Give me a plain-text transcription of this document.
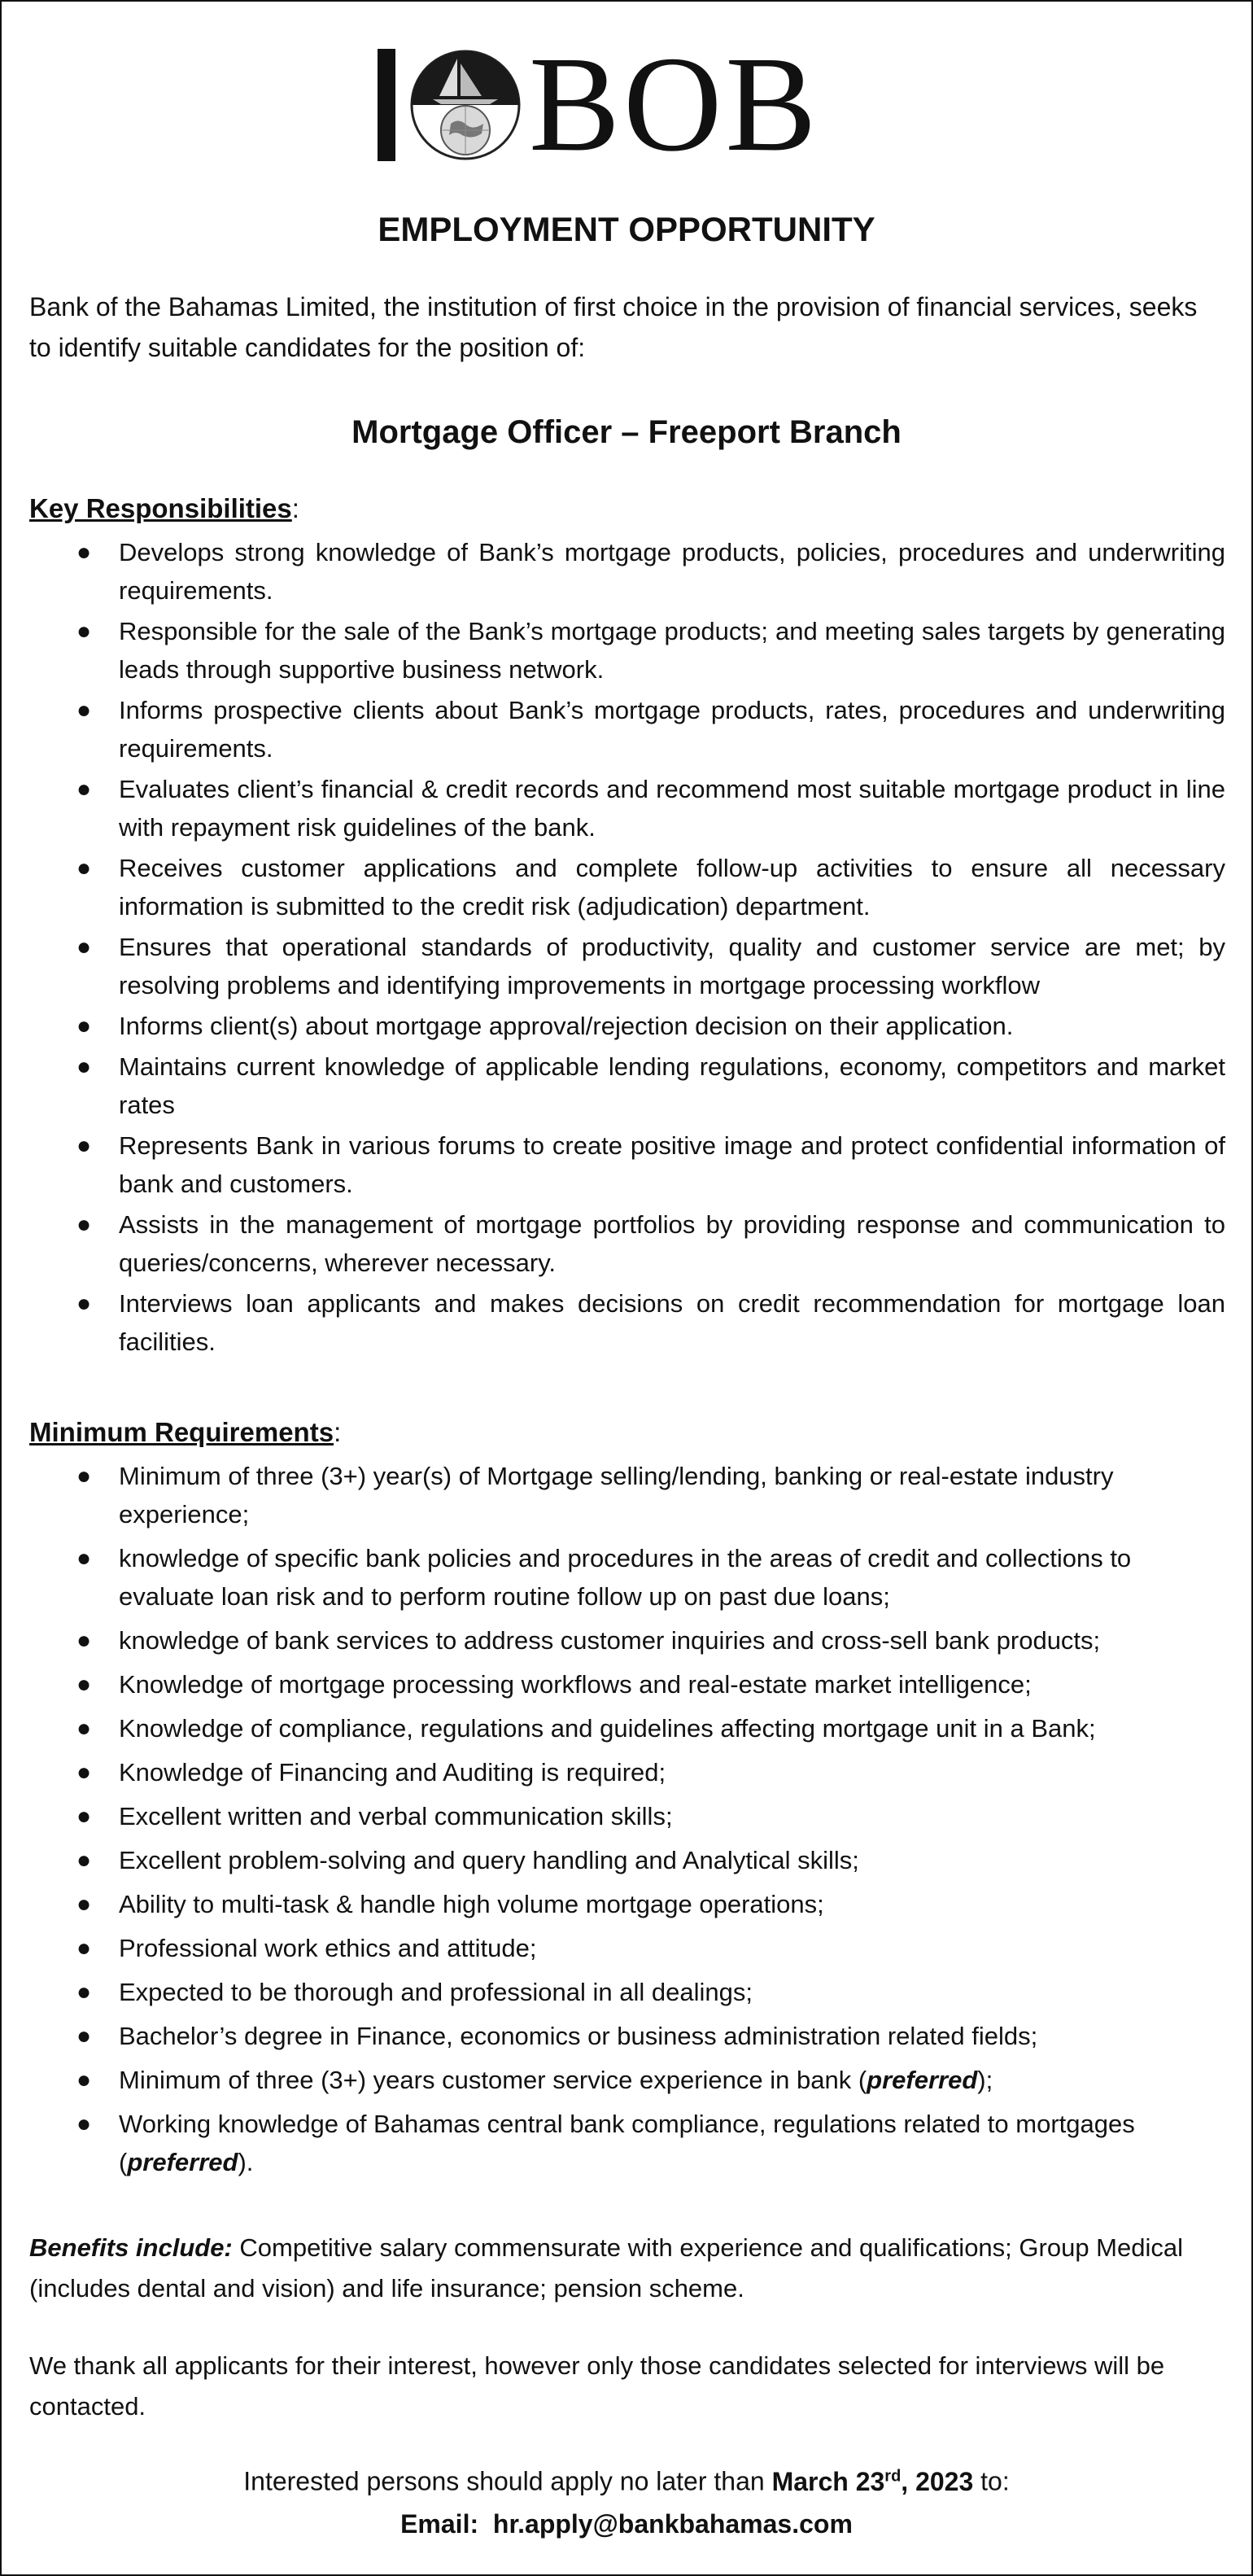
BOB
EMPLOYMENT OPPORTUNITY
Bank of the Bahamas Limited, the institution of first choice in the provision of financial services, seeks to identify suitable candidates for the position of:
Mortgage Officer – Freeport Branch
Key Responsibilities:
● Develops strong knowledge of Bank’s mortgage products, policies, procedures and underwriting requirements.
● Responsible for the sale of the Bank’s mortgage products; and meeting sales targets by generating leads through supportive business network.
● Informs prospective clients about Bank’s mortgage products, rates, procedures and underwriting requirements.
● Evaluates client’s financial & credit records and recommend most suitable mortgage product in line with repayment risk guidelines of the bank.
● Receives customer applications and complete follow-up activities to ensure all necessary information is submitted to the credit risk (adjudication) department.
● Ensures that operational standards of productivity, quality and customer service are met; by resolving problems and identifying improvements in mortgage processing workflow
● Informs client(s) about mortgage approval/rejection decision on their application.
● Maintains current knowledge of applicable lending regulations, economy, competitors and market rates
● Represents Bank in various forums to create positive image and protect confidential information of bank and customers.
● Assists in the management of mortgage portfolios by providing response and communication to queries/concerns, wherever necessary.
● Interviews loan applicants and makes decisions on credit recommendation for mortgage loan facilities.
Minimum Requirements:
● Minimum of three (3+) year(s) of Mortgage selling/lending, banking or real-estate industry experience;
● knowledge of specific bank policies and procedures in the areas of credit and collections to evaluate loan risk and to perform routine follow up on past due loans;
● knowledge of bank services to address customer inquiries and cross-sell bank products;
● Knowledge of mortgage processing workflows and real-estate market intelligence;
● Knowledge of compliance, regulations and guidelines affecting mortgage unit in a Bank;
● Knowledge of Financing and Auditing is required;
● Excellent written and verbal communication skills;
● Excellent problem-solving and query handling and Analytical skills;
● Ability to multi-task & handle high volume mortgage operations;
● Professional work ethics and attitude;
● Expected to be thorough and professional in all dealings;
● Bachelor’s degree in Finance, economics or business administration related fields;
● Minimum of three (3+) years customer service experience in bank (preferred);
● Working knowledge of Bahamas central bank compliance, regulations related to mortgages (preferred).
Benefits include: Competitive salary commensurate with experience and qualifications; Group Medical (includes dental and vision) and life insurance; pension scheme.
We thank all applicants for their interest, however only those candidates selected for interviews will be contacted.
Interested persons should apply no later than March 23rd, 2023 to:
Email: hr.apply@bankbahamas.com
